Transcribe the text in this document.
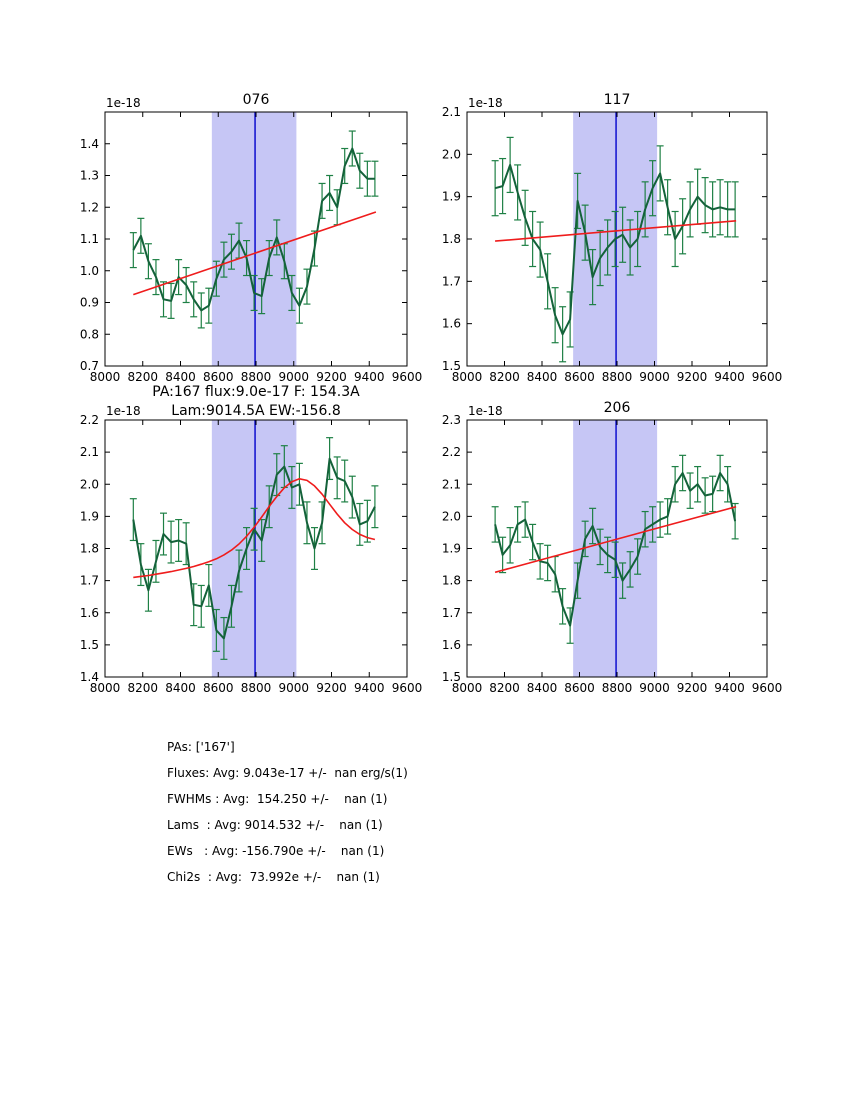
8000 8200 8400 8600 8800 9000 9200 9400 9600
0.7
0.8
0.9
1.0
1.1
1.2
1.3
1.4
076
1e-18
8000 8200 8400 8600 8800 9000 9200 9400 9600
1.5
1.6
1.7
1.8
1.9
2.0
2.1
117
1e-18
8000 8200 8400 8600 8800 9000 9200 9400 9600
1.4
1.5
1.6
1.7
1.8
1.9
2.0
2.1
2.2
PA:167 flux:9.0e-17 F: 154.3A
Lam:9014.5A EW:-156.8
1e-18
8000 8200 8400 8600 8800 9000 9200 9400 9600
1.5
1.6
1.7
1.8
1.9
2.0
2.1
2.2
2.3
206
1e-18
PAs: ['167']
Fluxes: Avg: 9.043e-17 +/-  nan erg/s(1)
FWHMs : Avg:  154.250 +/-    nan (1)
Lams  : Avg: 9014.532 +/-    nan (1)
EWs   : Avg: -156.790e +/-    nan (1)
Chi2s  : Avg:  73.992e +/-    nan (1)
